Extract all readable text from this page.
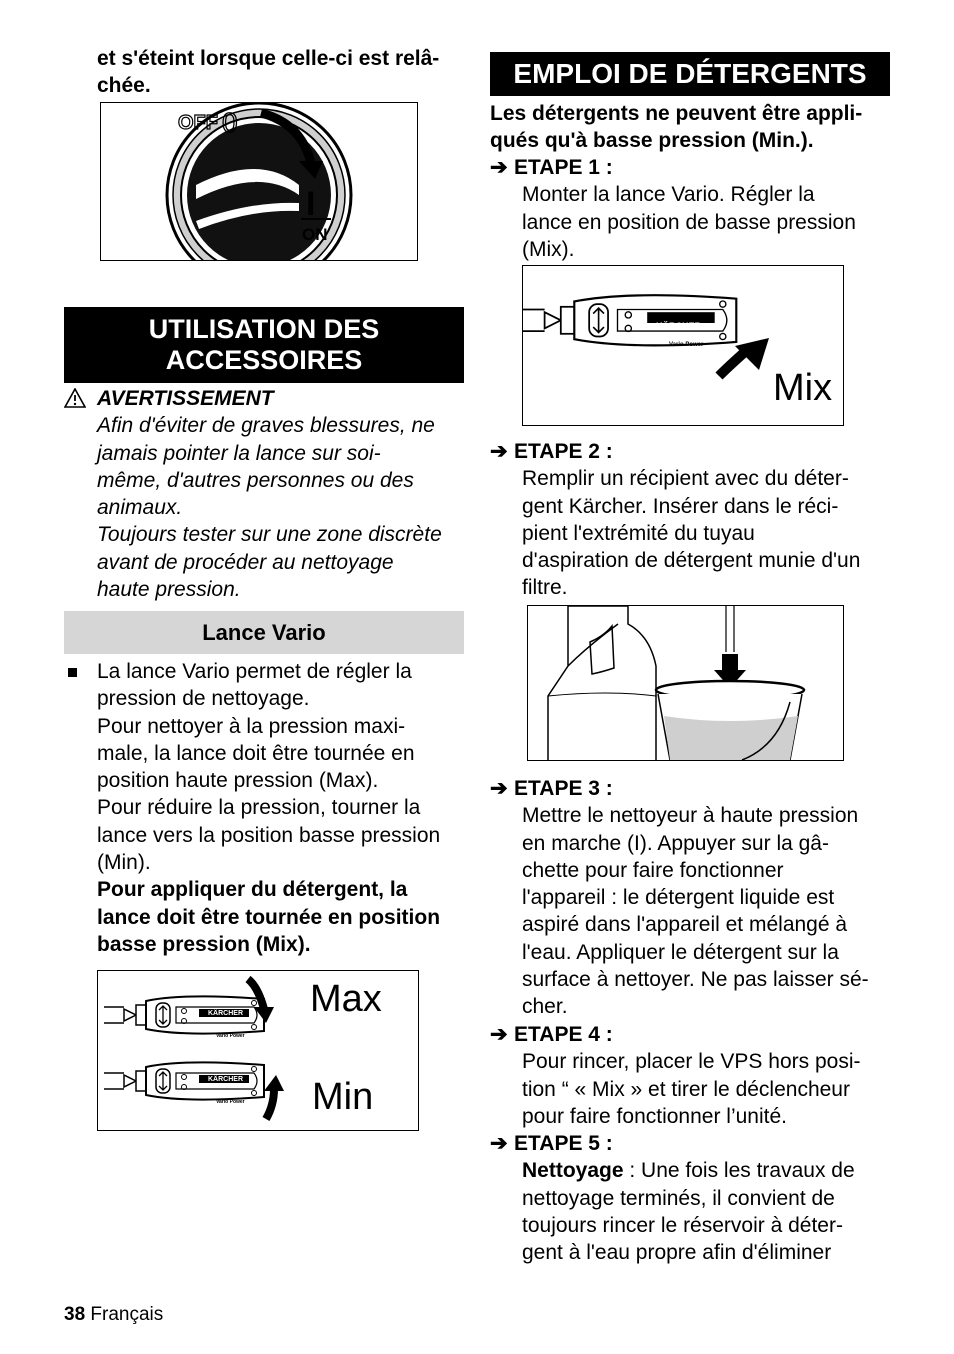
et s'éteint lorsque celle-ci est relâ-
chée.
OFF 0
I
ON
UTILISATION DES
ACCESSOIRES
AVERTISSEMENT
Afin d'éviter de graves blessures, ne
jamais pointer la lance sur soi-
même, d'autres personnes ou des
animaux.
Toujours tester sur une zone discrète
avant de procéder au nettoyage
haute pression.
Lance Vario
La lance Vario permet de régler la
pression de nettoyage.
Pour nettoyer à la pression maxi-
male, la lance doit être tournée en
position haute pression (Max).
Pour réduire la pression, tourner la
lance vers la position basse pression
(Min).
Pour appliquer du détergent, la
lance doit être tournée en position
basse pression (Mix).
KÄRCHER
Vario Power
KÄRCHER
Vario Power
Max
Min
38 Français
EMPLOI DE DÉTERGENTS
Les détergents ne peuvent être appli-
qués qu'à basse pression (Min.).
➔ ETAPE 1 :
Monter la lance Vario. Régler la
lance en position de basse pression
(Mix).
KÄRCHER
Vario Power
Mix
➔ ETAPE 2 :
Remplir un récipient avec du déter-
gent Kärcher. Insérer dans le réci-
pient l'extrémité du tuyau
d'aspiration de détergent munie d'un
filtre.
➔ ETAPE 3 :
Mettre le nettoyeur à haute pression
en marche (I). Appuyer sur la gâ-
chette pour faire fonctionner
l'appareil : le détergent liquide est
aspiré dans l'appareil et mélangé à
l'eau. Appliquer le détergent sur la
surface à nettoyer. Ne pas laisser sé-
cher.
➔ ETAPE 4 :
Pour rincer, placer le VPS hors posi-
tion “ « Mix » et tirer le déclencheur
pour faire fonctionner l’unité.
➔ ETAPE 5 :
Nettoyage : Une fois les travaux de
nettoyage terminés, il convient de
toujours rincer le réservoir à déter-
gent à l'eau propre afin d'éliminer
